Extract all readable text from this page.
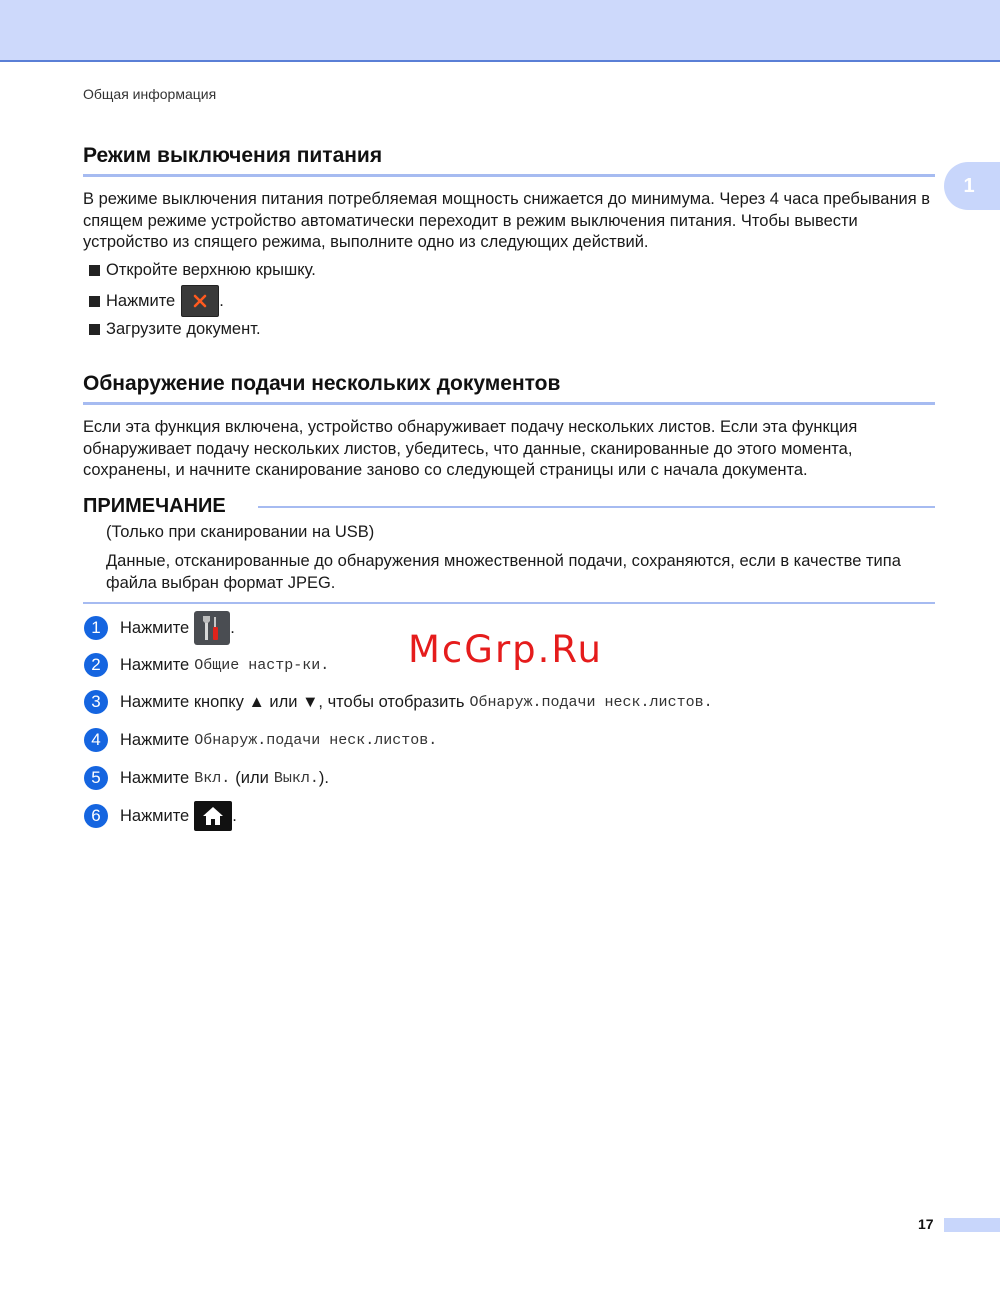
Общая информация
1
Режим выключения питания
В режиме выключения питания потребляемая мощность снижается до минимума. Через 4 часа пребывания в спящем режиме устройство автоматически переходит в режим выключения питания. Чтобы вывести устройство из спящего режима, выполните одно из следующих действий.
Откройте верхнюю крышку.
Нажмите	.
Загрузите документ.
Обнаружение подачи нескольких документов
Если эта функция включена, устройство обнаруживает подачу нескольких листов. Если эта функция обнаруживает подачу нескольких листов, убедитесь, что данные, сканированные до этого момента, сохранены, и начните сканирование заново со следующей страницы или с начала документа.
ПРИМЕЧАНИЕ
(Только при сканировании на USB)
Данные, отсканированные до обнаружения множественной подачи, сохраняются, если в качестве типа файла выбран формат JPEG.
1	Нажмите .
2	Нажмите Общие настр-ки.
3	Нажмите кнопку ▲ или ▼, чтобы отобразить Обнаруж.подачи неск.листов.
4	Нажмите Обнаруж.подачи неск.листов.
5	Нажмите Вкл. (или Выкл. ).
6	Нажмите	.
McGrp.Ru
17
